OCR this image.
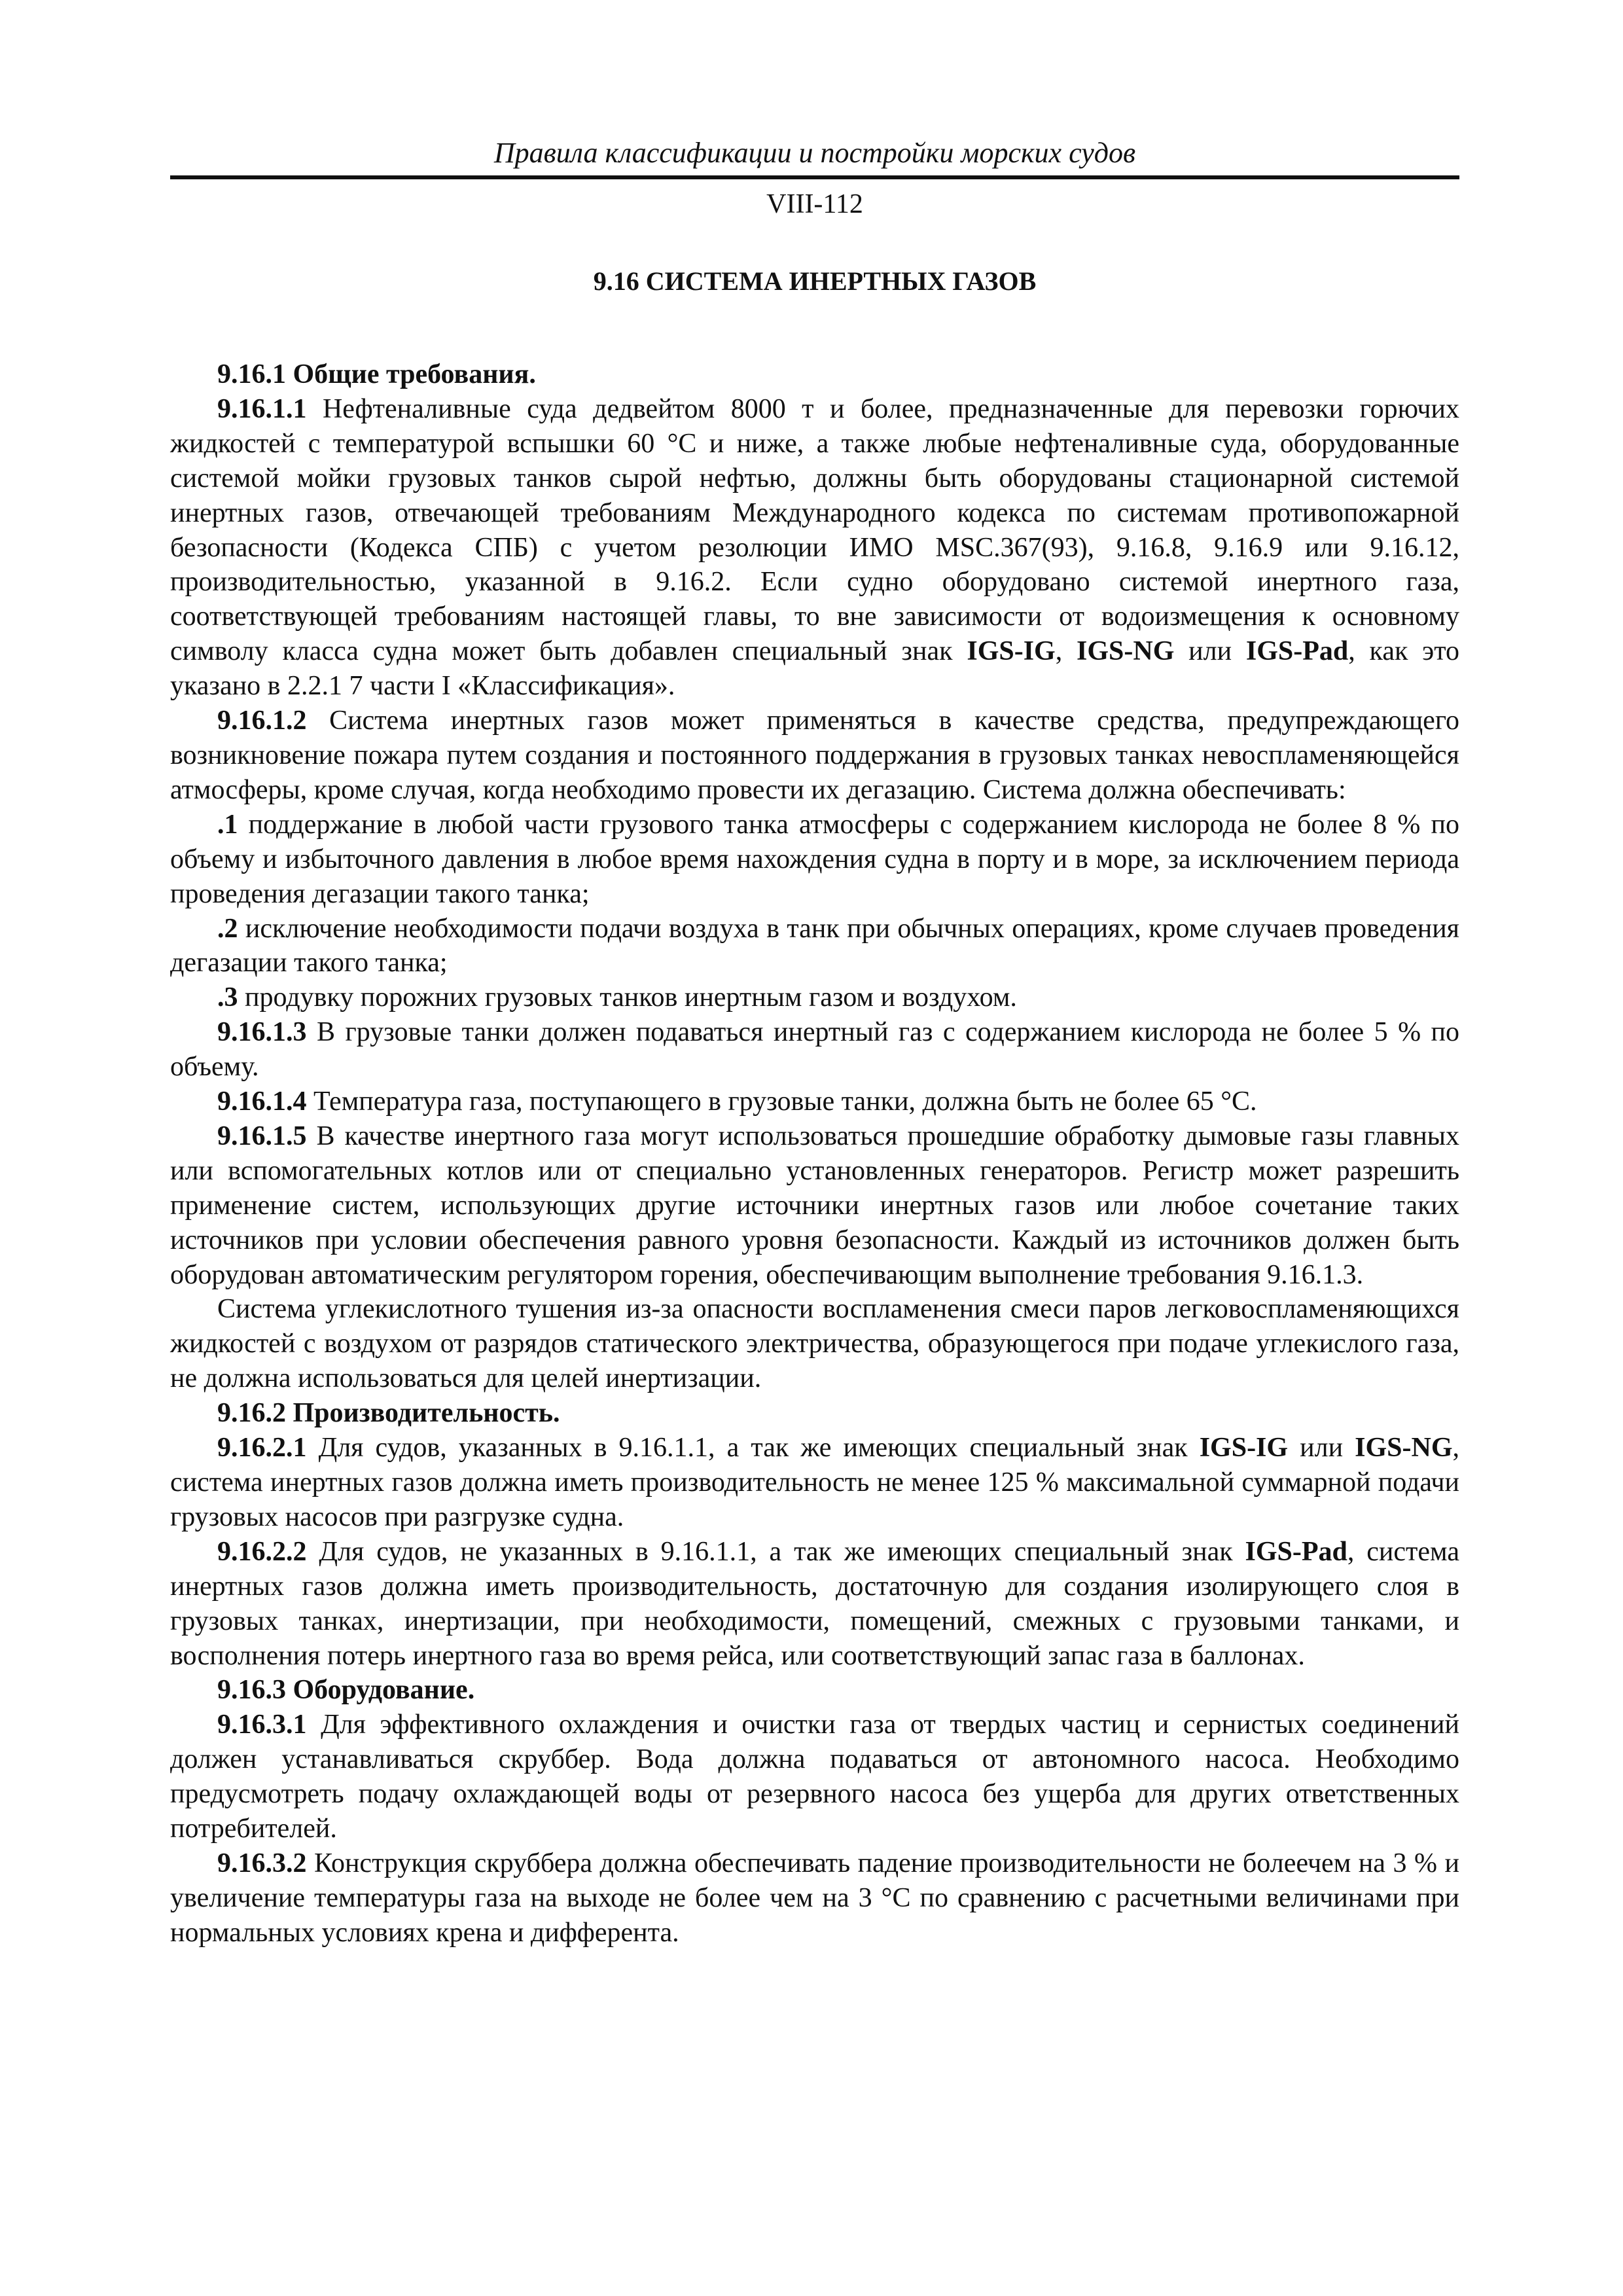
Правила классификации и постройки морских судов
VIII-112
9.16 СИСТЕМА ИНЕРТНЫХ ГАЗОВ

9.16.1 Общие требования.

9.16.1.1 Нефтеналивные суда дедвейтом 8000 т и более, предназначенные для перевозки горючих жидкостей с температурой вспышки 60 °С и ниже, а также любые нефтеналивные суда, оборудованные системой мойки грузовых танков сырой нефтью, должны быть оборудованы стационарной системой инертных газов, отвечающей требованиям Международного кодекса по системам противопожарной безопасности (Кодекса СПБ) с учетом резолюции ИМО MSC.367(93), 9.16.8, 9.16.9 или 9.16.12, производительностью, указанной в 9.16.2. Если судно оборудовано системой инертного газа, соответствующей требованиям настоящей главы, то вне зависимости от водоизмещения к основному символу класса судна может быть добавлен специальный знак IGS-IG, IGS-NG или IGS-Pad, как это указано в 2.2.1 7 части I «Классификация».

9.16.1.2 Система инертных газов может применяться в качестве средства, предупреждающего возникновение пожара путем создания и постоянного поддержания в грузовых танках невоспламеняющейся атмосферы, кроме случая, когда необходимо провести их дегазацию. Система должна обеспечивать:

.1 поддержание в любой части грузового танка атмосферы с содержанием кислорода не более 8 % по объему и избыточного давления в любое время нахождения судна в порту и в море, за исключением периода проведения дегазации такого танка;

.2 исключение необходимости подачи воздуха в танк при обычных операциях, кроме случаев проведения дегазации такого танка;

.3 продувку порожних грузовых танков инертным газом и воздухом.

9.16.1.3 В грузовые танки должен подаваться инертный газ с содержанием кислорода не более 5 % по объему.

9.16.1.4 Температура газа, поступающего в грузовые танки, должна быть не более 65 °С.

9.16.1.5 В качестве инертного газа могут использоваться прошедшие обработку дымовые газы главных или вспомогательных котлов или от специально установленных генераторов. Регистр может разрешить применение систем, использующих другие источники инертных газов или любое сочетание таких источников при условии обеспечения равного уровня безопасности. Каждый из источников должен быть оборудован автоматическим регулятором горения, обеспечивающим выполнение требования 9.16.1.3.

Система углекислотного тушения из-за опасности воспламенения смеси паров легковоспламеняющихся жидкостей с воздухом от разрядов статического электричества, образующегося при подаче углекислого газа, не должна использоваться для целей инертизации.

9.16.2 Производительность.

9.16.2.1 Для судов, указанных в 9.16.1.1, а так же имеющих специальный знак IGS-IG или IGS-NG, система инертных газов должна иметь производительность не менее 125 % максимальной суммарной подачи грузовых насосов при разгрузке судна.

9.16.2.2 Для судов, не указанных в 9.16.1.1, а так же имеющих специальный знак IGS-Pad, система инертных газов должна иметь производительность, достаточную для создания изолирующего слоя в грузовых танках, инертизации, при необходимости, помещений, смежных с грузовыми танками, и восполнения потерь инертного газа во время рейса, или соответствующий запас газа в баллонах.

9.16.3 Оборудование.

9.16.3.1 Для эффективного охлаждения и очистки газа от твердых частиц и сернистых соединений должен устанавливаться скруббер. Вода должна подаваться от автономного насоса. Необходимо предусмотреть подачу охлаждающей воды от резервного насоса без ущерба для других ответственных потребителей.

9.16.3.2 Конструкция скруббера должна обеспечивать падение производительности не болеечем на 3 % и увеличение температуры газа на выходе не более чем на 3 °С по сравнению с расчетными величинами при нормальных условиях крена и дифферента.
